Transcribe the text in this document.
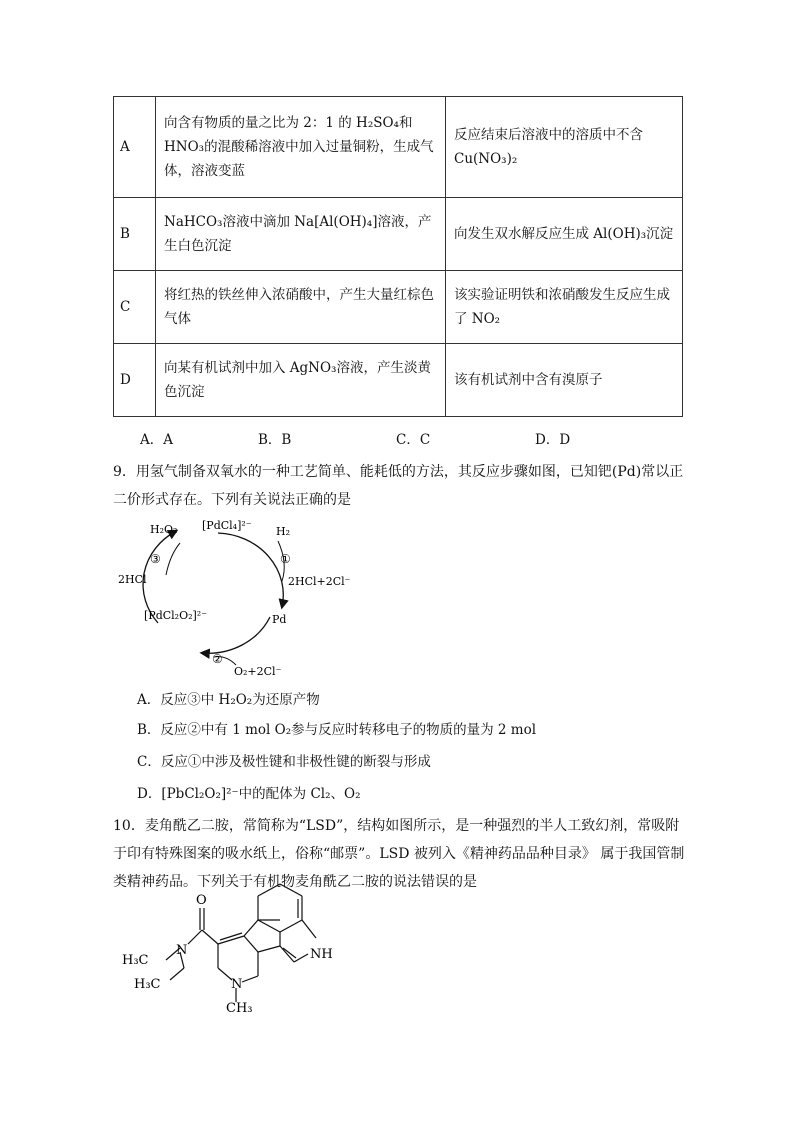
A	向含有物质的量之比为 2：1 的 H₂SO₄和 HNO₃的混酸稀溶液中加入过量铜粉，生成气体，溶液变蓝	反应结束后溶液中的溶质中不含 Cu(NO₃)₂
B	NaHCO₃溶液中滴加 Na[Al(OH)₄]溶液，产生白色沉淀	向发生双水解反应生成 Al(OH)₃沉淀
C	将红热的铁丝伸入浓硝酸中，产生大量红棕色气体	该实验证明铁和浓硝酸发生反应生成了 NO₂
D	向某有机试剂中加入 AgNO₃溶液，产生淡黄色沉淀	该有机试剂中含有溴原子
A．A	B．B	C．C	D．D
9．用氢气制备双氧水的一种工艺简单、能耗低的方法，其反应步骤如图，已知钯(Pd)常以正二价形式存在。下列有关说法正确的是
[PdCl₄]²⁻
H₂O₂	H₂
①
2HCl+2Cl⁻
③
2HCl
[PdCl₂O₂]²⁻	Pd
②
O₂+2Cl⁻
A．反应③中 H₂O₂为还原产物
B．反应②中有 1 mol O₂参与反应时转移电子的物质的量为 2 mol
C．反应①中涉及极性键和非极性键的断裂与形成
D．[PbCl₂O₂]²⁻中的配体为 Cl₂、O₂
10．麦角酰乙二胺，常简称为“LSD”，结构如图所示，是一种强烈的半人工致幻剂，常吸附于印有特殊图案的吸水纸上，俗称“邮票”。LSD 被列入《精神药品品种目录》 属于我国管制类精神药品。下列关于有机物麦角酰乙二胺的说法错误的是
O
N
H₃C
H₃C	N
CH₃
NH
